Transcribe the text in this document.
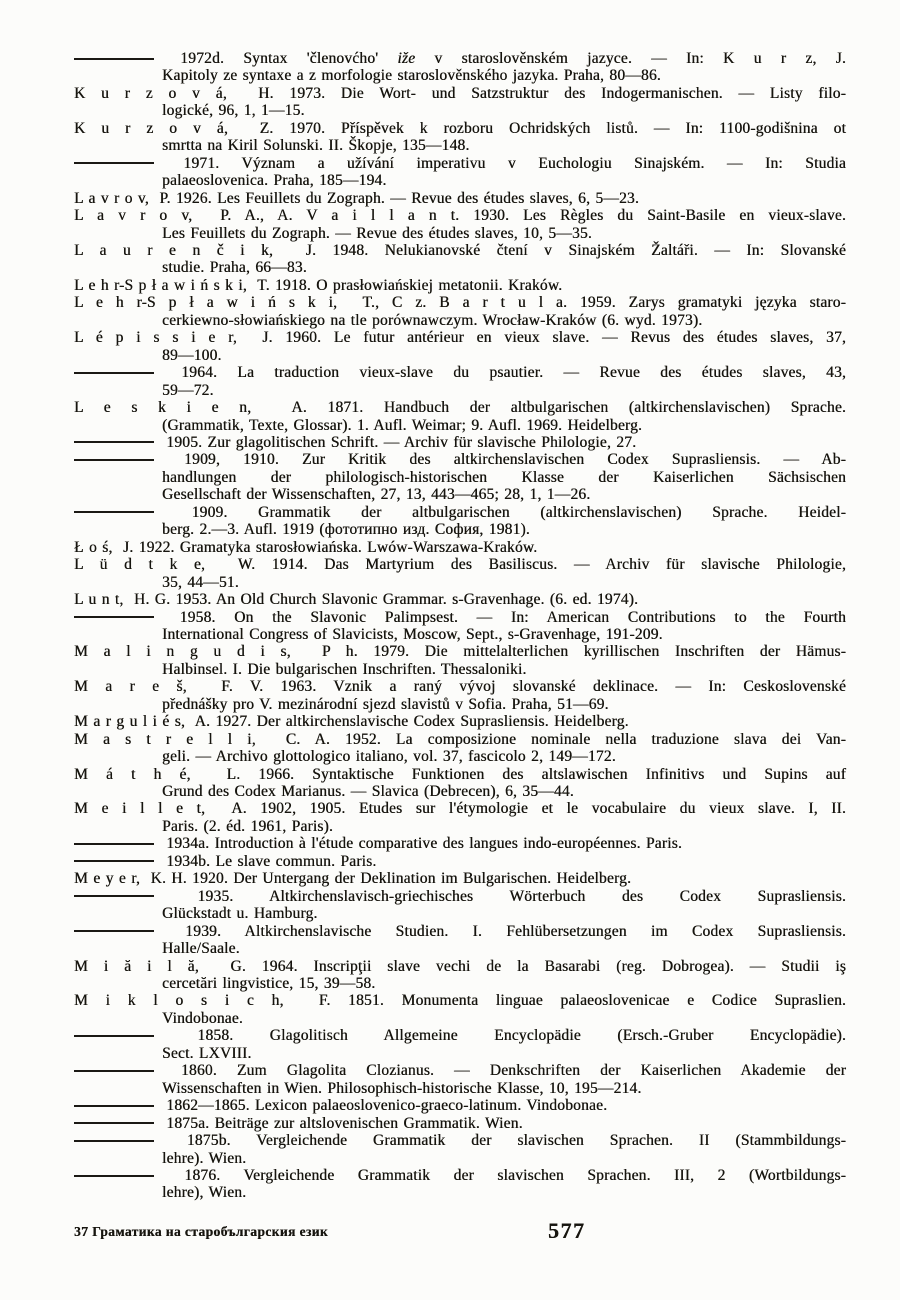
1972d. Syntax 'členovćho' iže v staroslověnském jazyce. — In: K u r z, J.
Kapitoly ze syntaxe a z morfologie staroslověnského jazyka. Praha, 80—86.
K u r z o v á,  H. 1973. Die Wort- und Satzstruktur des Indogermanischen. — Listy filo-
logické, 96, 1, 1—15.
K u r z o v á,  Z. 1970. Příspěvek k rozboru Ochridských listů. — In: 1100-godišnina ot
smrtta na Kiril Solunski. II. Škopje, 135—148.
1971. Význam a užívání imperativu v Euchologiu Sinajském. — In: Studia
palaeoslovenica. Praha, 185—194.
L a v r o v,  P. 1926. Les Feuillets du Zograph. — Revue des études slaves, 6, 5—23.
L a v r o v,  P. A., A. V a i l l a n t. 1930. Les Règles du Saint-Basile en vieux-slave.
Les Feuillets du Zograph. — Revue des études slaves, 10, 5—35.
L a u r e n č i k,  J. 1948. Nelukianovské čtení v Sinajském Žaltáři. — In: Slovanské
studie. Praha, 66—83.
L e h r-S p ł a w i ń s k i,  T. 1918. O prasłowiańskiej metatonii. Kraków.
L e h r-S p ł a w i ń s k i,  T., C z. B a r t u l a. 1959. Zarys gramatyki języka staro-
cerkiewno-słowiańskiego na tle porównawczym. Wrocław-Kraków (6. wyd. 1973).
L é p i s s i e r,  J. 1960. Le futur antérieur en vieux slave. — Revus des études slaves, 37,
89—100.
1964. La traduction vieux-slave du psautier. — Revue des études slaves, 43,
59—72.
L e s k i e n,  A. 1871. Handbuch der altbulgarischen (altkirchenslavischen) Sprache.
(Grammatik, Texte, Glossar). 1. Aufl. Weimar; 9. Aufl. 1969. Heidelberg.
1905. Zur glagolitischen Schrift. — Archiv für slavische Philologie, 27.
1909, 1910. Zur Kritik des altkirchenslavischen Codex Suprasliensis. — Ab-
handlungen der philologisch-historischen Klasse der Kaiserlichen Sächsischen
Gesellschaft der Wissenschaften, 27, 13, 443—465; 28, 1, 1—26.
1909. Grammatik der altbulgarischen (altkirchenslavischen) Sprache. Heidel-
berg. 2.—3. Aufl. 1919 (фототипно изд. София, 1981).
Ł o ś,  J. 1922. Gramatyka starosłowiańska. Lwów-Warszawa-Kraków.
L ü d t k e,  W. 1914. Das Martyrium des Basiliscus. — Archiv für slavische Philologie,
35, 44—51.
L u n t,  H. G. 1953. An Old Church Slavonic Grammar. s-Gravenhage. (6. ed. 1974).
1958. On the Slavonic Palimpsest. — In: American Contributions to the Fourth
International Congress of Slavicists, Moscow, Sept., s-Gravenhage, 191-209.
M a l i n g u d i s,  P h. 1979. Die mittelalterlichen kyrillischen Inschriften der Hämus-
Halbinsel. I. Die bulgarischen Inschriften. Thessaloniki.
M a r e š,  F. V. 1963. Vznik a raný vývoj slovanské deklinace. — In: Ceskoslovenské
přednášky pro V. mezinárodní sjezd slavistů v Sofia. Praha, 51—69.
M a r g u l i é s,  A. 1927. Der altkirchenslavische Codex Suprasliensis. Heidelberg.
M a s t r e l l i,  C. A. 1952. La composizione nominale nella traduzione slava dei Van-
geli. — Archivo glottologico italiano, vol. 37, fascicolo 2, 149—172.
M á t h é,  L. 1966. Syntaktische Funktionen des altslawischen Infinitivs und Supins auf
Grund des Codex Marianus. — Slavica (Debrecen), 6, 35—44.
M e i l l e t,  A. 1902, 1905. Etudes sur l'étymologie et le vocabulaire du vieux slave. I, II.
Paris. (2. éd. 1961, Paris).
1934a. Introduction à l'étude comparative des langues indo-européennes. Paris.
1934b. Le slave commun. Paris.
M e y e r,  K. H. 1920. Der Untergang der Deklination im Bulgarischen. Heidelberg.
1935. Altkirchenslavisch-griechisches Wörterbuch des Codex Suprasliensis.
Glückstadt u. Hamburg.
1939. Altkirchenslavische Studien. I. Fehlübersetzungen im Codex Suprasliensis.
Halle/Saale.
M i ă i l ă,  G. 1964. Inscripţii slave vechi de la Basarabi (reg. Dobrogea). — Studii iş
cercetări lingvistice, 15, 39—58.
M i k l o s i c h,  F. 1851. Monumenta linguae palaeoslovenicae e Codice Supraslien.
Vindobonae.
1858. Glagolitisch Allgemeine Encyclopädie (Ersch.-Gruber Encyclopädie).
Sect. LXVIII.
1860. Zum Glagolita Clozianus. — Denkschriften der Kaiserlichen Akademie der
Wissenschaften in Wien. Philosophisch-historische Klasse, 10, 195—214.
1862—1865. Lexicon palaeoslovenico-graeco-latinum. Vindobonae.
1875a. Beiträge zur altslovenischen Grammatik. Wien.
1875b. Vergleichende Grammatik der slavischen Sprachen. II (Stammbildungs-
lehre). Wien.
1876. Vergleichende Grammatik der slavischen Sprachen. III, 2 (Wortbildungs-
lehre), Wien.
37 Граматика на старобългарския език	577
